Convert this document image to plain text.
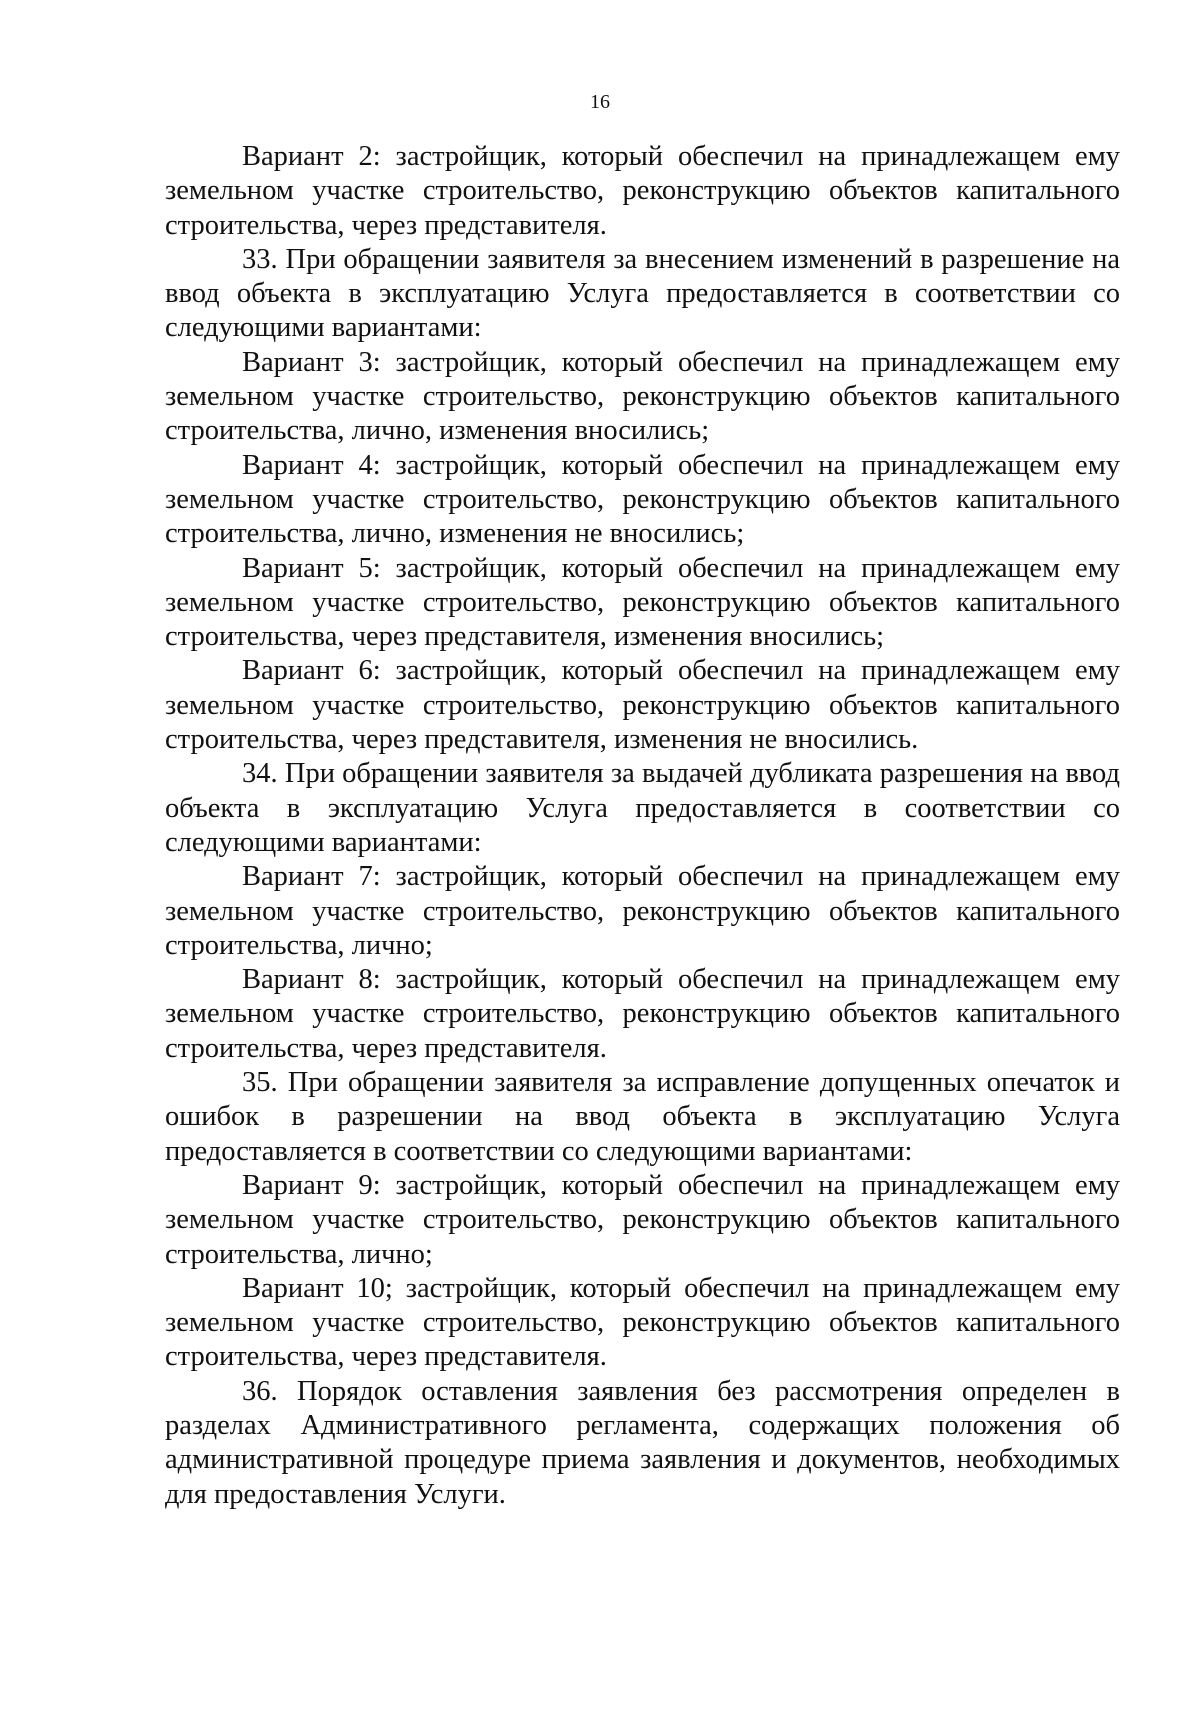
16

Вариант 2: застройщик, который обеспечил на принадлежащем ему земельном участке строительство, реконструкцию объектов капитального строительства, через представителя.

33. При обращении заявителя за внесением изменений в разрешение на ввод объекта в эксплуатацию Услуга предоставляется в соответствии со следующими вариантами:

Вариант 3: застройщик, который обеспечил на принадлежащем ему земельном участке строительство, реконструкцию объектов капитального строительства, лично, изменения вносились;

Вариант 4: застройщик, который обеспечил на принадлежащем ему земельном участке строительство, реконструкцию объектов капитального строительства, лично, изменения не вносились;

Вариант 5: застройщик, который обеспечил на принадлежащем ему земельном участке строительство, реконструкцию объектов капитального строительства, через представителя, изменения вносились;

Вариант 6: застройщик, который обеспечил на принадлежащем ему земельном участке строительство, реконструкцию объектов капитального строительства, через представителя, изменения не вносились.

34. При обращении заявителя за выдачей дубликата разрешения на ввод объекта в эксплуатацию Услуга предоставляется в соответствии со следующими вариантами:

Вариант 7: застройщик, который обеспечил на принадлежащем ему земельном участке строительство, реконструкцию объектов капитального строительства, лично;

Вариант 8: застройщик, который обеспечил на принадлежащем ему земельном участке строительство, реконструкцию объектов капитального строительства, через представителя.

35. При обращении заявителя за исправление допущенных опечаток и ошибок в разрешении на ввод объекта в эксплуатацию Услуга предоставляется в соответствии со следующими вариантами:

Вариант 9: застройщик, который обеспечил на принадлежащем ему земельном участке строительство, реконструкцию объектов капитального строительства, лично;

Вариант 10; застройщик, который обеспечил на принадлежащем ему земельном участке строительство, реконструкцию объектов капитального строительства, через представителя.

36. Порядок оставления заявления без рассмотрения определен в разделах Административного регламента, содержащих положения об административной процедуре приема заявления и документов, необходимых для предоставления Услуги.
